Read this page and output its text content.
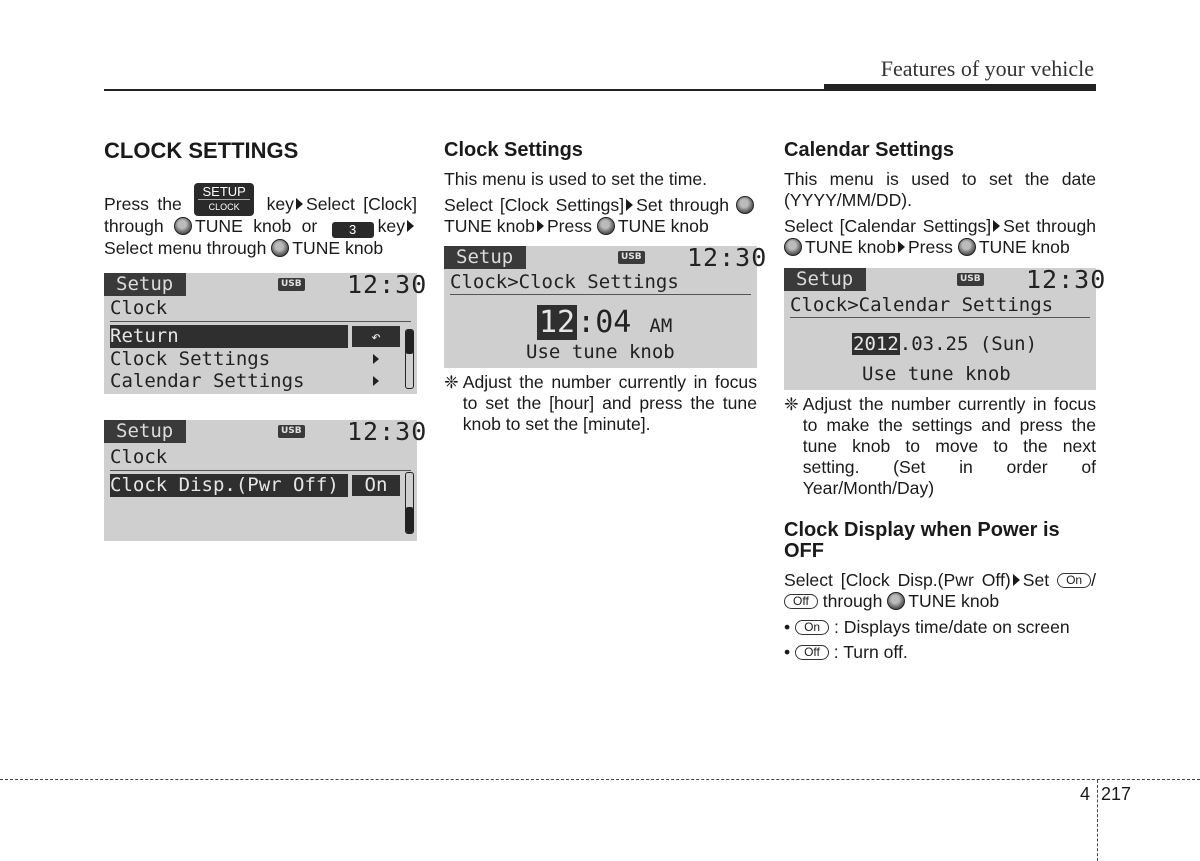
Features of your vehicle
CLOCK SETTINGS

Press the
SETUP
CLOCK	key Select [Clock] through TUNE knob or 3 key Select menu through TUNE knob

Setup	USB 12:30
Clock
Return	↶
Clock Settings
Calendar Settings
Setup	USB 12:30
Clock
Clock Disp.(Pwr Off)	On
Clock Settings

This menu is used to set the time.

Select [Clock Settings] Set through TUNE knob Press TUNE knob

Setup	USB 12:30
Clock>Clock Settings
12:04 AM
Use tune knob
❈ Adjust the number currently in focus to set the [hour] and press the tune knob to set the [minute].
Calendar Settings

This menu is used to set the date (YYYY/MM/DD).

Select [Calendar Settings] Set through TUNE knob Press TUNE knob

Setup	USB 12:30
Clock>Calendar Settings
2012.03.25 (Sun)
Use tune knob
❈ Adjust the number currently in focus to make the settings and press the tune knob to move to the next setting. (Set in order of Year/Month/Day)
Clock Display when Power is OFF

Select [Clock Disp.(Pwr Off) Set On / Off through TUNE knob

• On : Displays time/date on screen
• Off : Turn off.
4 217
